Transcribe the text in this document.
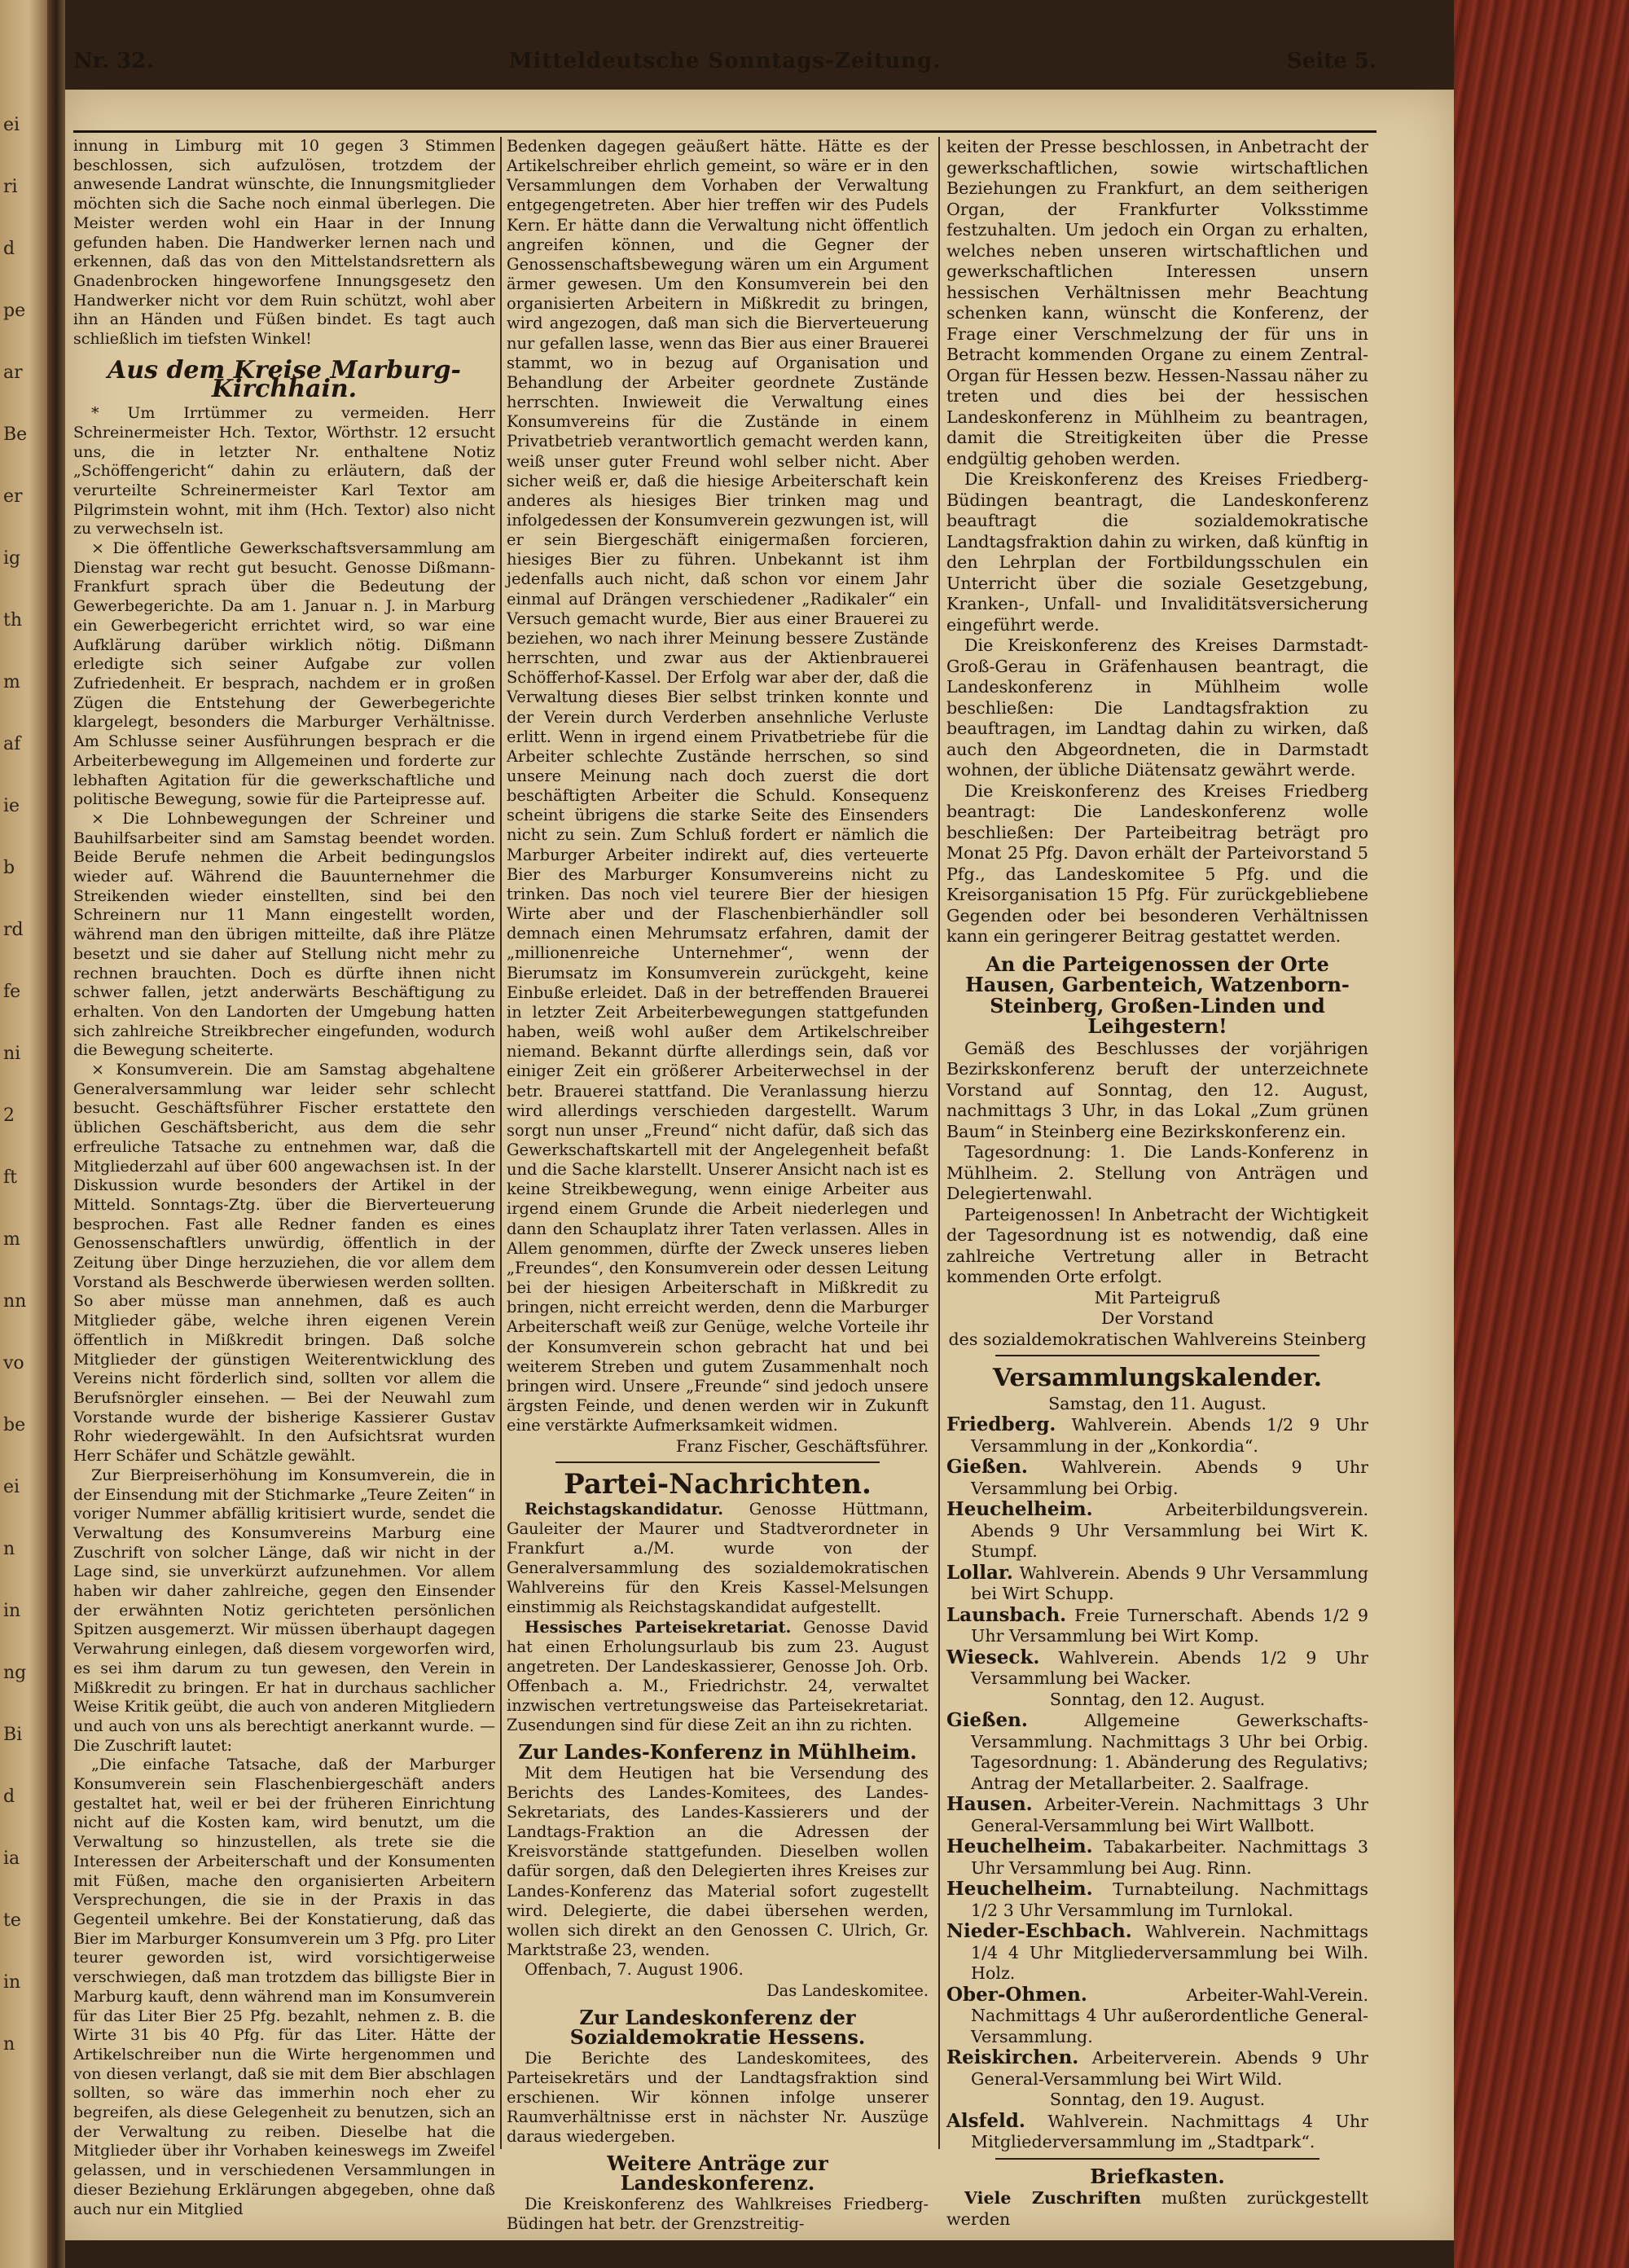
ei
ri
d
pe
ar
Be
er
ig
th
m
af
ie
b
rd
fe
ni
2
ft
m
nn
vo
be
ei
n
in
ng
Bi
d
ia
te
in
n
Nr. 32.	Mitteldeutsche Sonntags-Zeitung.	Seite 5.

innung in Limburg mit 10 gegen 3 Stimmen beschlossen, sich aufzulösen, trotzdem der anwesende Landrat wünschte, die Innungsmitglieder möchten sich die Sache noch einmal überlegen. Die Meister werden wohl ein Haar in der Innung gefunden haben. Die Handwerker lernen nach und erkennen, daß das von den Mittelstandsrettern als Gnadenbrocken hingeworfene Innungsgesetz den Handwerker nicht vor dem Ruin schützt, wohl aber ihn an Händen und Füßen bindet. Es tagt auch schließlich im tiefsten Winkel!

Aus dem Kreise Marburg-Kirchhain.

* Um Irrtümmer zu vermeiden. Herr Schreinermeister Hch. Textor, Wörthstr. 12 ersucht uns, die in letzter Nr. enthaltene Notiz „Schöffengericht“ dahin zu erläutern, daß der verurteilte Schreinermeister Karl Textor am Pilgrimstein wohnt, mit ihm (Hch. Textor) also nicht zu verwechseln ist.

× Die öffentliche Gewerkschaftsversammlung am Dienstag war recht gut besucht. Genosse Dißmann-Frankfurt sprach über die Bedeutung der Gewerbegerichte. Da am 1. Januar n. J. in Marburg ein Gewerbegericht errichtet wird, so war eine Aufklärung darüber wirklich nötig. Dißmann erledigte sich seiner Aufgabe zur vollen Zufriedenheit. Er besprach, nachdem er in großen Zügen die Entstehung der Gewerbegerichte klargelegt, besonders die Marburger Verhältnisse. Am Schlusse seiner Ausführungen besprach er die Arbeiterbewegung im Allgemeinen und forderte zur lebhaften Agitation für die gewerkschaftliche und politische Bewegung, sowie für die Parteipresse auf.

× Die Lohnbewegungen der Schreiner und Bauhilfsarbeiter sind am Samstag beendet worden. Beide Berufe nehmen die Arbeit bedingungslos wieder auf. Während die Bauunternehmer die Streikenden wieder einstellten, sind bei den Schreinern nur 11 Mann eingestellt worden, während man den übrigen mitteilte, daß ihre Plätze besetzt und sie daher auf Stellung nicht mehr zu rechnen brauchten. Doch es dürfte ihnen nicht schwer fallen, jetzt anderwärts Beschäftigung zu erhalten. Von den Landorten der Umgebung hatten sich zahlreiche Streikbrecher eingefunden, wodurch die Bewegung scheiterte.

× Konsumverein. Die am Samstag abgehaltene Generalversammlung war leider sehr schlecht besucht. Geschäftsführer Fischer erstattete den üblichen Geschäftsbericht, aus dem die sehr erfreuliche Tatsache zu entnehmen war, daß die Mitgliederzahl auf über 600 angewachsen ist. In der Diskussion wurde besonders der Artikel in der Mitteld. Sonntags-Ztg. über die Bierverteuerung besprochen. Fast alle Redner fanden es eines Genossenschaftlers unwürdig, öffentlich in der Zeitung über Dinge herzuziehen, die vor allem dem Vorstand als Beschwerde überwiesen werden sollten. So aber müsse man annehmen, daß es auch Mitglieder gäbe, welche ihren eigenen Verein öffentlich in Mißkredit bringen. Daß solche Mitglieder der günstigen Weiterentwicklung des Vereins nicht förderlich sind, sollten vor allem die Berufsnörgler einsehen. — Bei der Neuwahl zum Vorstande wurde der bisherige Kassierer Gustav Rohr wiedergewählt. In den Aufsichtsrat wurden Herr Schäfer und Schätzle gewählt.

Zur Bierpreiserhöhung im Konsumverein, die in der Einsendung mit der Stichmarke „Teure Zeiten“ in voriger Nummer abfällig kritisiert wurde, sendet die Verwaltung des Konsumvereins Marburg eine Zuschrift von solcher Länge, daß wir nicht in der Lage sind, sie unverkürzt aufzunehmen. Vor allem haben wir daher zahlreiche, gegen den Einsender der erwähnten Notiz gerichteten persönlichen Spitzen ausgemerzt. Wir müssen überhaupt dagegen Verwahrung einlegen, daß diesem vorgeworfen wird, es sei ihm darum zu tun gewesen, den Verein in Mißkredit zu bringen. Er hat in durchaus sachlicher Weise Kritik geübt, die auch von anderen Mitgliedern und auch von uns als berechtigt anerkannt wurde. — Die Zuschrift lautet:

„Die einfache Tatsache, daß der Marburger Konsumverein sein Flaschenbiergeschäft anders gestaltet hat, weil er bei der früheren Einrichtung nicht auf die Kosten kam, wird benutzt, um die Verwaltung so hinzustellen, als trete sie die Interessen der Arbeiterschaft und der Konsumenten mit Füßen, mache den organisierten Arbeitern Versprechungen, die sie in der Praxis in das Gegenteil umkehre. Bei der Konstatierung, daß das Bier im Marburger Konsumverein um 3 Pfg. pro Liter teurer geworden ist, wird vorsichtigerweise verschwiegen, daß man trotzdem das billigste Bier in Marburg kauft, denn während man im Konsumverein für das Liter Bier 25 Pfg. bezahlt, nehmen z. B. die Wirte 31 bis 40 Pfg. für das Liter. Hätte der Artikelschreiber nun die Wirte hergenommen und von diesen verlangt, daß sie mit dem Bier abschlagen sollten, so wäre das immerhin noch eher zu begreifen, als diese Gelegenheit zu benutzen, sich an der Verwaltung zu reiben. Dieselbe hat die Mitglieder über ihr Vorhaben keineswegs im Zweifel gelassen, und in verschiedenen Versammlungen in dieser Beziehung Erklärungen abgegeben, ohne daß auch nur ein Mitglied

Bedenken dagegen geäußert hätte. Hätte es der Artikelschreiber ehrlich gemeint, so wäre er in den Versammlungen dem Vorhaben der Verwaltung entgegengetreten. Aber hier treffen wir des Pudels Kern. Er hätte dann die Verwaltung nicht öffentlich angreifen können, und die Gegner der Genossenschaftsbewegung wären um ein Argument ärmer gewesen. Um den Konsumverein bei den organisierten Arbeitern in Mißkredit zu bringen, wird angezogen, daß man sich die Bierverteuerung nur gefallen lasse, wenn das Bier aus einer Brauerei stammt, wo in bezug auf Organisation und Behandlung der Arbeiter geordnete Zustände herrschten. Inwieweit die Verwaltung eines Konsumvereins für die Zustände in einem Privatbetrieb verantwortlich gemacht werden kann, weiß unser guter Freund wohl selber nicht. Aber sicher weiß er, daß die hiesige Arbeiterschaft kein anderes als hiesiges Bier trinken mag und infolgedessen der Konsumverein gezwungen ist, will er sein Biergeschäft einigermaßen forcieren, hiesiges Bier zu führen. Unbekannt ist ihm jedenfalls auch nicht, daß schon vor einem Jahr einmal auf Drängen verschiedener „Radikaler“ ein Versuch gemacht wurde, Bier aus einer Brauerei zu beziehen, wo nach ihrer Meinung bessere Zustände herrschten, und zwar aus der Aktienbrauerei Schöfferhof-Kassel. Der Erfolg war aber der, daß die Verwaltung dieses Bier selbst trinken konnte und der Verein durch Verderben ansehnliche Verluste erlitt. Wenn in irgend einem Privatbetriebe für die Arbeiter schlechte Zustände herrschen, so sind unsere Meinung nach doch zuerst die dort beschäftigten Arbeiter die Schuld. Konsequenz scheint übrigens die starke Seite des Einsenders nicht zu sein. Zum Schluß fordert er nämlich die Marburger Arbeiter indirekt auf, dies verteuerte Bier des Marburger Konsumvereins nicht zu trinken. Das noch viel teurere Bier der hiesigen Wirte aber und der Flaschenbierhändler soll demnach einen Mehrumsatz erfahren, damit der „millionenreiche Unternehmer“, wenn der Bierumsatz im Konsumverein zurückgeht, keine Einbuße erleidet. Daß in der betreffenden Brauerei in letzter Zeit Arbeiterbewegungen stattgefunden haben, weiß wohl außer dem Artikelschreiber niemand. Bekannt dürfte allerdings sein, daß vor einiger Zeit ein größerer Arbeiterwechsel in der betr. Brauerei stattfand. Die Veranlassung hierzu wird allerdings verschieden dargestellt. Warum sorgt nun unser „Freund“ nicht dafür, daß sich das Gewerkschaftskartell mit der Angelegenheit befaßt und die Sache klarstellt. Unserer Ansicht nach ist es keine Streikbewegung, wenn einige Arbeiter aus irgend einem Grunde die Arbeit niederlegen und dann den Schauplatz ihrer Taten verlassen. Alles in Allem genommen, dürfte der Zweck unseres lieben „Freundes“, den Konsumverein oder dessen Leitung bei der hiesigen Arbeiterschaft in Mißkredit zu bringen, nicht erreicht werden, denn die Marburger Arbeiterschaft weiß zur Genüge, welche Vorteile ihr der Konsumverein schon gebracht hat und bei weiterem Streben und gutem Zusammenhalt noch bringen wird. Unsere „Freunde“ sind jedoch unsere ärgsten Feinde, und denen werden wir in Zukunft eine verstärkte Aufmerksamkeit widmen.

Franz Fischer, Geschäftsführer.

Partei-Nachrichten.

Reichstagskandidatur. Genosse Hüttmann, Gauleiter der Maurer und Stadtverordneter in Frankfurt a./M. wurde von der Generalversammlung des sozialdemokratischen Wahlvereins für den Kreis Kassel-Melsungen einstimmig als Reichstagskandidat aufgestellt.

Hessisches Parteisekretariat. Genosse David hat einen Erholungsurlaub bis zum 23. August angetreten. Der Landeskassierer, Genosse Joh. Orb. Offenbach a. M., Friedrichstr. 24, verwaltet inzwischen vertretungsweise das Parteisekretariat. Zusendungen sind für diese Zeit an ihn zu richten.

Zur Landes-Konferenz in Mühlheim.

Mit dem Heutigen hat bie Versendung des Berichts des Landes-Komitees, des Landes-Sekretariats, des Landes-Kassierers und der Landtags-Fraktion an die Adressen der Kreisvorstände stattgefunden. Dieselben wollen dafür sorgen, daß den Delegierten ihres Kreises zur Landes-Konferenz das Material sofort zugestellt wird. Delegierte, die dabei übersehen werden, wollen sich direkt an den Genossen C. Ulrich, Gr. Marktstraße 23, wenden.

Offenbach, 7. August 1906.

Das Landeskomitee.

Zur Landeskonferenz der Sozialdemokratie Hessens.

Die Berichte des Landeskomitees, des Parteisekretärs und der Landtagsfraktion sind erschienen. Wir können infolge unserer Raumverhältnisse erst in nächster Nr. Auszüge daraus wiedergeben.

Weitere Anträge zur Landeskonferenz.

Die Kreiskonferenz des Wahlkreises Friedberg-Büdingen hat betr. der Grenzstreitig-

keiten der Presse beschlossen, in Anbetracht der gewerkschaftlichen, sowie wirtschaftlichen Beziehungen zu Frankfurt, an dem seitherigen Organ, der Frankfurter Volksstimme festzuhalten. Um jedoch ein Organ zu erhalten, welches neben unseren wirtschaftlichen und gewerkschaftlichen Interessen unsern hessischen Verhältnissen mehr Beachtung schenken kann, wünscht die Konferenz, der Frage einer Verschmelzung der für uns in Betracht kommenden Organe zu einem Zentral-Organ für Hessen bezw. Hessen-Nassau näher zu treten und dies bei der hessischen Landeskonferenz in Mühlheim zu beantragen, damit die Streitigkeiten über die Presse endgültig gehoben werden.

Die Kreiskonferenz des Kreises Friedberg-Büdingen beantragt, die Landeskonferenz beauftragt die sozialdemokratische Landtagsfraktion dahin zu wirken, daß künftig in den Lehrplan der Fortbildungsschulen ein Unterricht über die soziale Gesetzgebung, Kranken-, Unfall- und Invaliditätsversicherung eingeführt werde.

Die Kreiskonferenz des Kreises Darmstadt-Groß-Gerau in Gräfenhausen beantragt, die Landeskonferenz in Mühlheim wolle beschließen: Die Landtagsfraktion zu beauftragen, im Landtag dahin zu wirken, daß auch den Abgeordneten, die in Darmstadt wohnen, der übliche Diätensatz gewährt werde.

Die Kreiskonferenz des Kreises Friedberg beantragt: Die Landeskonferenz wolle beschließen: Der Parteibeitrag beträgt pro Monat 25 Pfg. Davon erhält der Parteivorstand 5 Pfg., das Landeskomitee 5 Pfg. und die Kreisorganisation 15 Pfg. Für zurückgebliebene Gegenden oder bei besonderen Verhältnissen kann ein geringerer Beitrag gestattet werden.

An die Parteigenossen der Orte Hausen, Garbenteich, Watzenborn-Steinberg, Großen-Linden und Leihgestern!

Gemäß des Beschlusses der vorjährigen Bezirkskonferenz beruft der unterzeichnete Vorstand auf Sonntag, den 12. August, nachmittags 3 Uhr, in das Lokal „Zum grünen Baum“ in Steinberg eine Bezirkskonferenz ein.

Tagesordnung: 1. Die Lands-Konferenz in Mühlheim. 2. Stellung von Anträgen und Delegiertenwahl.

Parteigenossen! In Anbetracht der Wichtigkeit der Tagesordnung ist es notwendig, daß eine zahlreiche Vertretung aller in Betracht kommenden Orte erfolgt.

Mit Parteigruß

Der Vorstand

des sozialdemokratischen Wahlvereins Steinberg

Versammlungskalender.

Samstag, den 11. August.

Friedberg. Wahlverein. Abends 1/2 9 Uhr Versammlung in der „Konkordia“.

Gießen. Wahlverein. Abends 9 Uhr Versammlung bei Orbig.

Heuchelheim.	Arbeiterbildungsverein. Abends 9 Uhr Versammlung bei Wirt K. Stumpf.

Lollar. Wahlverein. Abends 9 Uhr Versammlung bei Wirt Schupp.

Launsbach. Freie Turnerschaft. Abends 1/2 9 Uhr Versammlung bei Wirt Komp.

Wieseck. Wahlverein. Abends 1/2 9 Uhr Versammlung bei Wacker.

Sonntag, den 12. August.

Gießen.	Allgemeine Gewerkschafts-Versammlung. Nachmittags 3 Uhr bei Orbig. Tagesordnung: 1. Abänderung des Regulativs; Antrag der Metallarbeiter. 2. Saalfrage.

Hausen. Arbeiter-Verein. Nachmittags 3 Uhr General-Versammlung bei Wirt Wallbott.

Heuchelheim. Tabakarbeiter. Nachmittags 3 Uhr Versammlung bei Aug. Rinn.

Heuchelheim. Turnabteilung. Nachmittags 1/2 3 Uhr Versammlung im Turnlokal.

Nieder-Eschbach. Wahlverein. Nachmittags 1/4 4 Uhr Mitgliederversammlung bei Wilh. Holz.

Ober-Ohmen.	Arbeiter-Wahl-Verein. Nachmittags 4 Uhr außerordentliche General-Versammlung.

Reiskirchen. Arbeiterverein. Abends 9 Uhr General-Versammlung bei Wirt Wild.

Sonntag, den 19. August.

Alsfeld. Wahlverein. Nachmittags 4 Uhr Mitgliederversammlung im „Stadtpark“.

Briefkasten.

Viele Zuschriften mußten zurückgestellt werden
